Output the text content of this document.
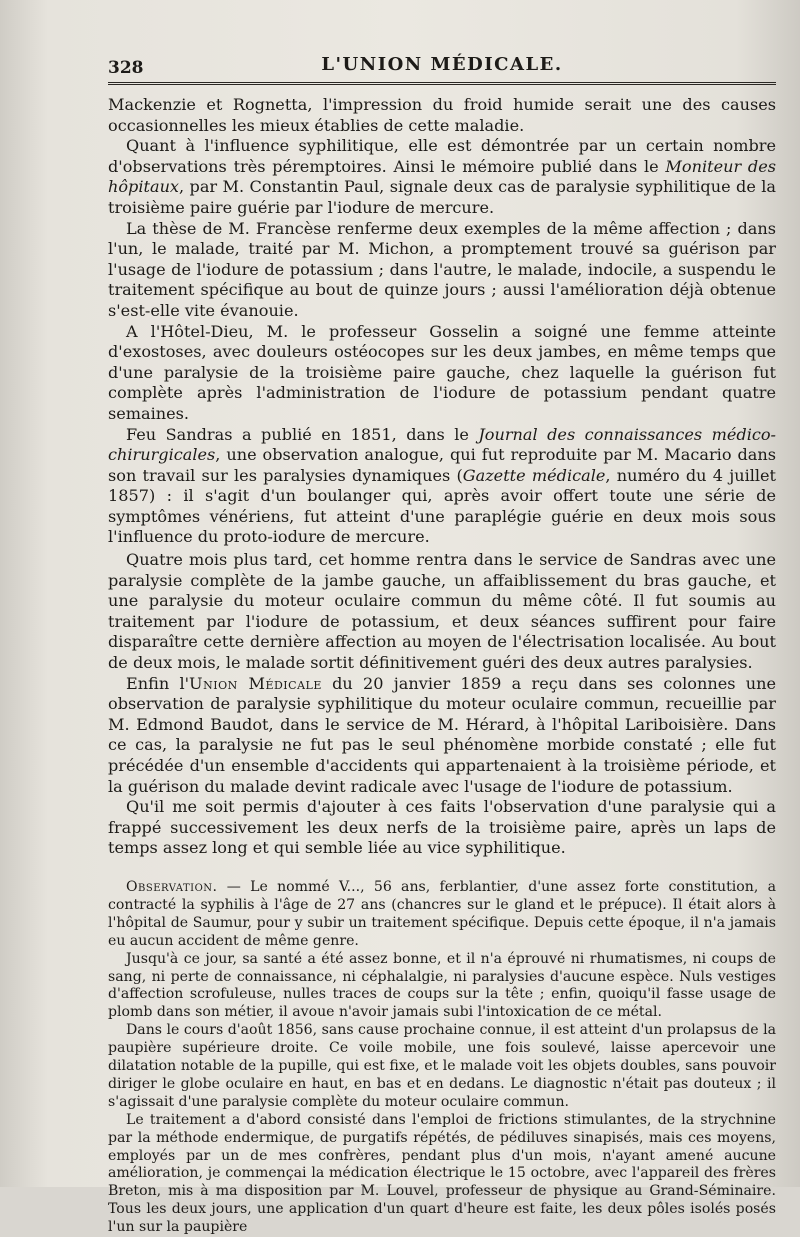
328	L'UNION MÉDICALE.

Mackenzie et Rognetta, l'impression du froid humide serait une des causes occasionnelles les mieux établies de cette maladie.

Quant à l'influence syphilitique, elle est démontrée par un certain nombre d'observations très péremptoires. Ainsi le mémoire publié dans le Moniteur des hôpitaux, par M. Constantin Paul, signale deux cas de paralysie syphilitique de la troisième paire guérie par l'iodure de mercure.

La thèse de M. Francèse renferme deux exemples de la même affection ; dans l'un, le malade, traité par M. Michon, a promptement trouvé sa guérison par l'usage de l'iodure de potassium ; dans l'autre, le malade, indocile, a suspendu le traitement spécifique au bout de quinze jours ; aussi l'amélioration déjà obtenue s'est-elle vite évanouie.

A l'Hôtel-Dieu, M. le professeur Gosselin a soigné une femme atteinte d'exostoses, avec douleurs ostéocopes sur les deux jambes, en même temps que d'une paralysie de la troisième paire gauche, chez laquelle la guérison fut complète après l'administration de l'iodure de potassium pendant quatre semaines.

Feu Sandras a publié en 1851, dans le Journal des connaissances médico-chirurgicales, une observation analogue, qui fut reproduite par M. Macario dans son travail sur les paralysies dynamiques (Gazette médicale, numéro du 4 juillet 1857) : il s'agit d'un boulanger qui, après avoir offert toute une série de symptômes vénériens, fut atteint d'une paraplégie guérie en deux mois sous l'influence du proto-iodure de mercure.

Quatre mois plus tard, cet homme rentra dans le service de Sandras avec une paralysie complète de la jambe gauche, un affaiblissement du bras gauche, et une paralysie du moteur oculaire commun du même côté. Il fut soumis au traitement par l'iodure de potassium, et deux séances suffirent pour faire disparaître cette dernière affection au moyen de l'électrisation localisée. Au bout de deux mois, le malade sortit définitivement guéri des deux autres paralysies.

Enfin l'Union Médicale du 20 janvier 1859 a reçu dans ses colonnes une observation de paralysie syphilitique du moteur oculaire commun, recueillie par M. Edmond Baudot, dans le service de M. Hérard, à l'hôpital Lariboisière. Dans ce cas, la paralysie ne fut pas le seul phénomène morbide constaté ; elle fut précédée d'un ensemble d'accidents qui appartenaient à la troisième période, et la guérison du malade devint radicale avec l'usage de l'iodure de potassium.

Qu'il me soit permis d'ajouter à ces faits l'observation d'une paralysie qui a frappé successivement les deux nerfs de la troisième paire, après un laps de temps assez long et qui semble liée au vice syphilitique.

Observation. — Le nommé V..., 56 ans, ferblantier, d'une assez forte constitution, a contracté la syphilis à l'âge de 27 ans (chancres sur le gland et le prépuce). Il était alors à l'hôpital de Saumur, pour y subir un traitement spécifique. Depuis cette époque, il n'a jamais eu aucun accident de même genre.

Jusqu'à ce jour, sa santé a été assez bonne, et il n'a éprouvé ni rhumatismes, ni coups de sang, ni perte de connaissance, ni céphalalgie, ni paralysies d'aucune espèce. Nuls vestiges d'affection scrofuleuse, nulles traces de coups sur la tête ; enfin, quoiqu'il fasse usage de plomb dans son métier, il avoue n'avoir jamais subi l'intoxication de ce métal.

Dans le cours d'août 1856, sans cause prochaine connue, il est atteint d'un prolapsus de la paupière supérieure droite. Ce voile mobile, une fois soulevé, laisse apercevoir une dilatation notable de la pupille, qui est fixe, et le malade voit les objets doubles, sans pouvoir diriger le globe oculaire en haut, en bas et en dedans. Le diagnostic n'était pas douteux ; il s'agissait d'une paralysie complète du moteur oculaire commun.

Le traitement a d'abord consisté dans l'emploi de frictions stimulantes, de la strychnine par la méthode endermique, de purgatifs répétés, de pédiluves sinapisés, mais ces moyens, employés par un de mes confrères, pendant plus d'un mois, n'ayant amené aucune amélioration, je commençai la médication électrique le 15 octobre, avec l'appareil des frères Breton, mis à ma disposition par M. Louvel, professeur de physique au Grand-Séminaire. Tous les deux jours, une application d'un quart d'heure est faite, les deux pôles isolés posés l'un sur la paupière
